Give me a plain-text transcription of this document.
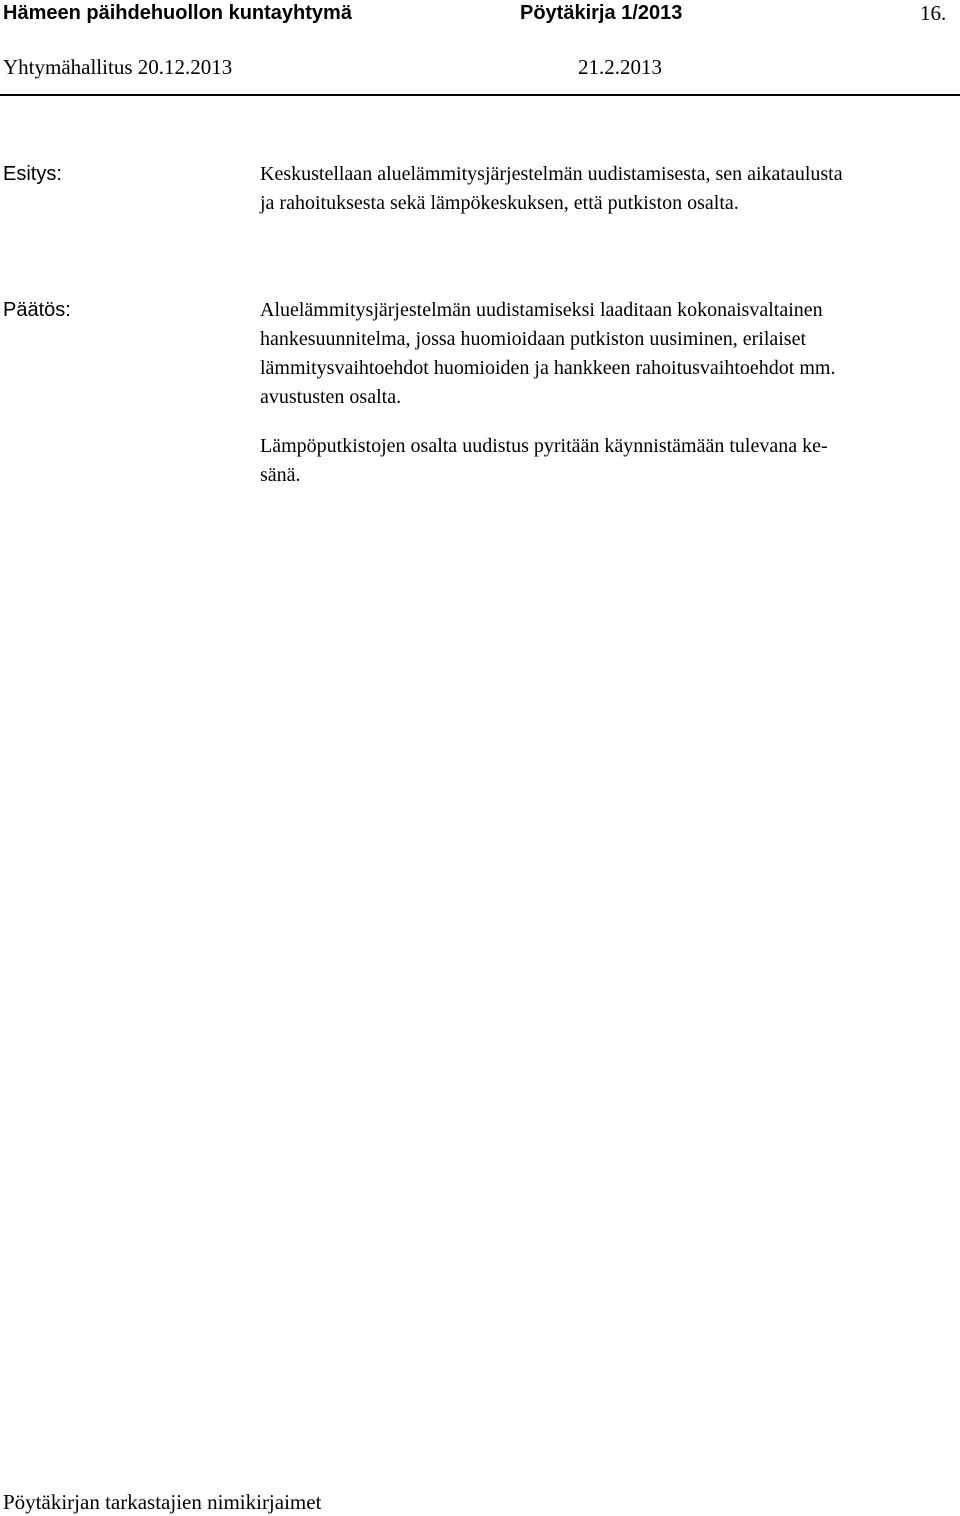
Hämeen päihdehuollon kuntayhtymä	Pöytäkirja 1/2013	16.
Yhtymähallitus 20.12.2013	21.2.2013
Esitys:	Keskustellaan aluelämmitysjärjestelmän uudistamisesta, sen aikataulusta
ja rahoituksesta sekä lämpökeskuksen, että putkiston osalta.
Päätös:	Aluelämmitysjärjestelmän uudistamiseksi laaditaan kokonaisvaltainen
hankesuunnitelma, jossa huomioidaan putkiston uusiminen, erilaiset
lämmitysvaihtoehdot huomioiden ja hankkeen rahoitusvaihtoehdot mm.
avustusten osalta.
Lämpöputkistojen osalta uudistus pyritään käynnistämään tulevana ke-
sänä.
Pöytäkirjan tarkastajien nimikirjaimet
